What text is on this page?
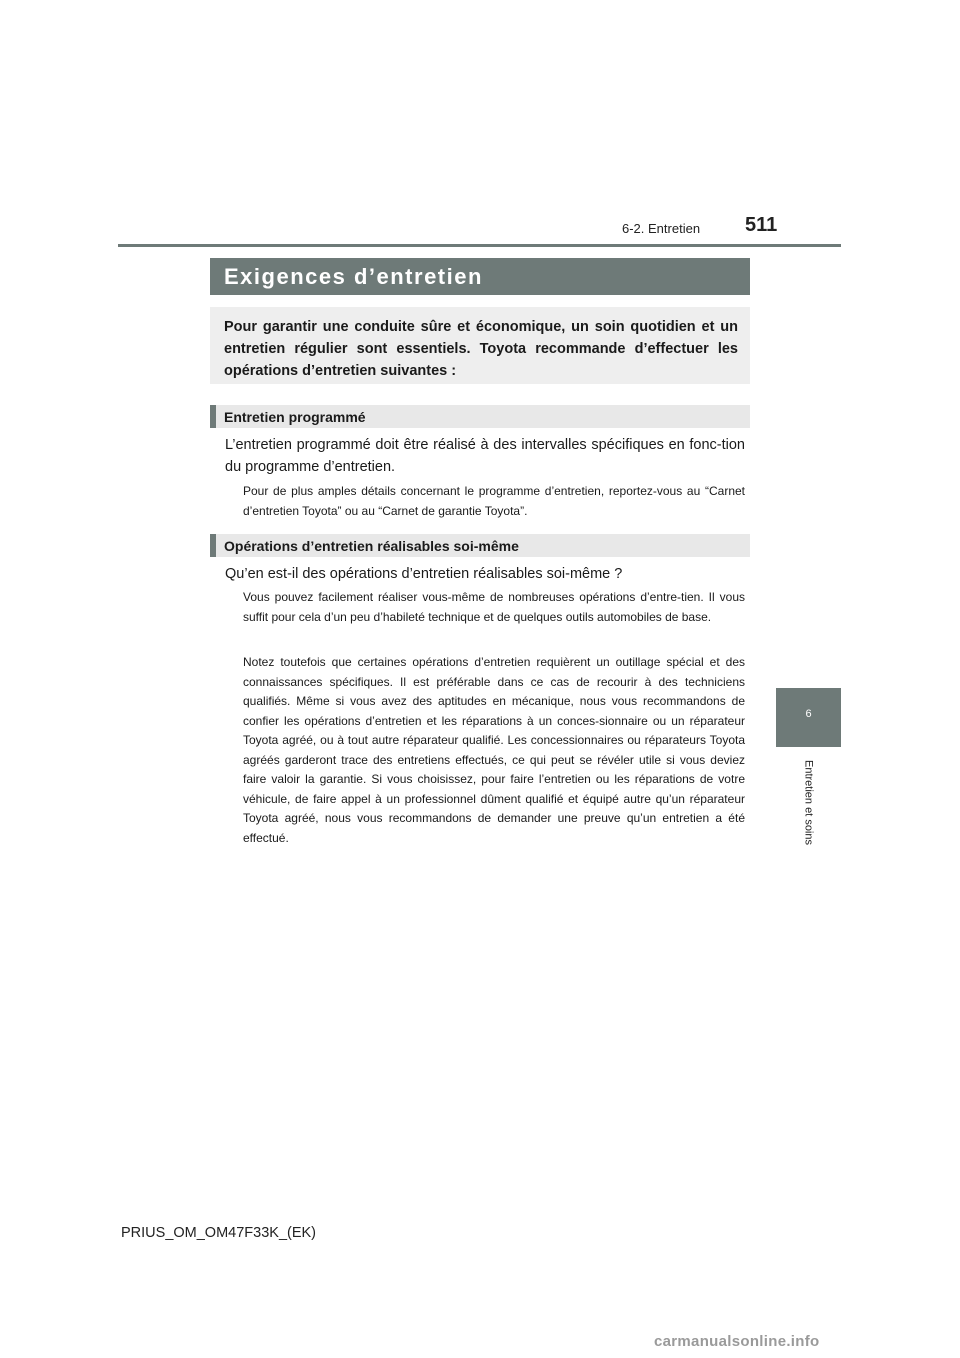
6-2. Entretien 511
Exigences d’entretien
Pour garantir une conduite sûre et économique, un soin quotidien et un entretien régulier sont essentiels. Toyota recommande d’effectuer les opérations d’entretien suivantes :
Entretien programmé
L’entretien programmé doit être réalisé à des intervalles spécifiques en fonc-tion du programme d’entretien.
Pour de plus amples détails concernant le programme d’entretien, reportez-vous au “Carnet d’entretien Toyota” ou au “Carnet de garantie Toyota”.
Opérations d’entretien réalisables soi-même
Qu’en est-il des opérations d’entretien réalisables soi-même ?
Vous pouvez facilement réaliser vous-même de nombreuses opérations d’entre-tien. Il vous suffit pour cela d’un peu d’habileté technique et de quelques outils automobiles de base.
Notez toutefois que certaines opérations d’entretien requièrent un outillage spécial et des connaissances spécifiques. Il est préférable dans ce cas de recourir à des techniciens qualifiés. Même si vous avez des aptitudes en mécanique, nous vous recommandons de confier les opérations d’entretien et les réparations à un conces-sionnaire ou un réparateur Toyota agréé, ou à tout autre réparateur qualifié. Les concessionnaires ou réparateurs Toyota agréés garderont trace des entretiens effectués, ce qui peut se révéler utile si vous deviez faire valoir la garantie. Si vous choisissez, pour faire l’entretien ou les réparations de votre véhicule, de faire appel à un professionnel dûment qualifié et équipé autre qu’un réparateur Toyota agréé, nous vous recommandons de demander une preuve qu’un entretien a été effectué.
6
Entretien et soins
PRIUS_OM_OM47F33K_(EK)
carmanualsonline.info
